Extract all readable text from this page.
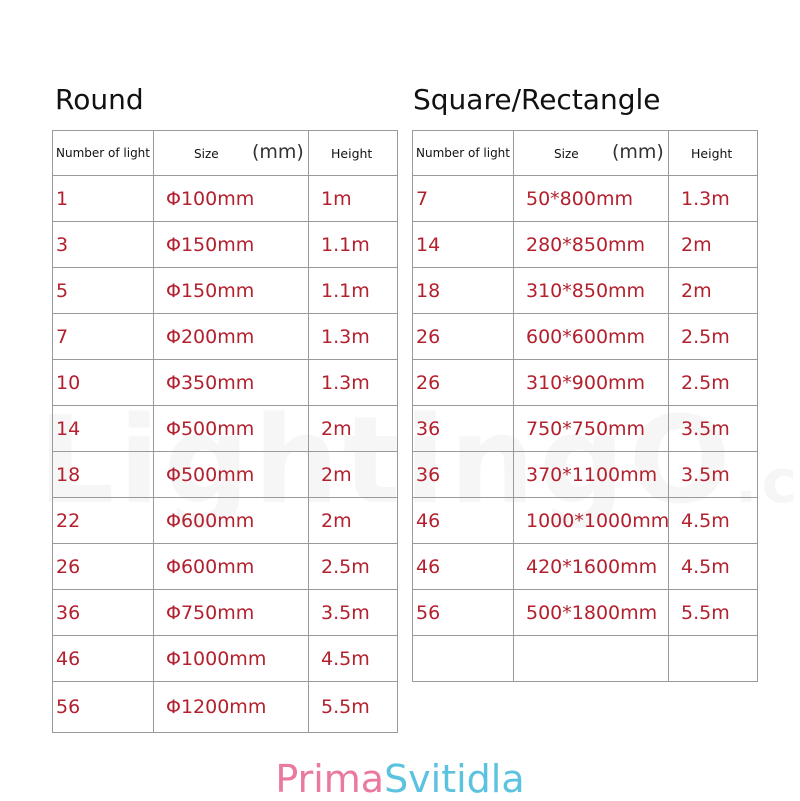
Round	Square/Rectangle
Number of light	Size (mm)	Height
1	Φ100mm	1m
3	Φ150mm	1.1m
5	Φ150mm	1.1m
7	Φ200mm	1.3m
10	Φ350mm	1.3m
14	Φ500mm	2m
18	Φ500mm	2m
22	Φ600mm	2m
26	Φ600mm	2.5m
36	Φ750mm	3.5m
46	Φ1000mm	4.5m
56	Φ1200mm	5.5m
Number of light	Size (mm)	Height
7	50*800mm	1.3m
14	280*850mm	2m
18	310*850mm	2m
26	600*600mm	2.5m
26	310*900mm	2.5m
36	750*750mm	3.5m
36	370*1100mm	3.5m
46	1000*1000mm	4.5m
46	420*1600mm	4.5m
56	500*1800mm	5.5m

PrimaSvitidla
